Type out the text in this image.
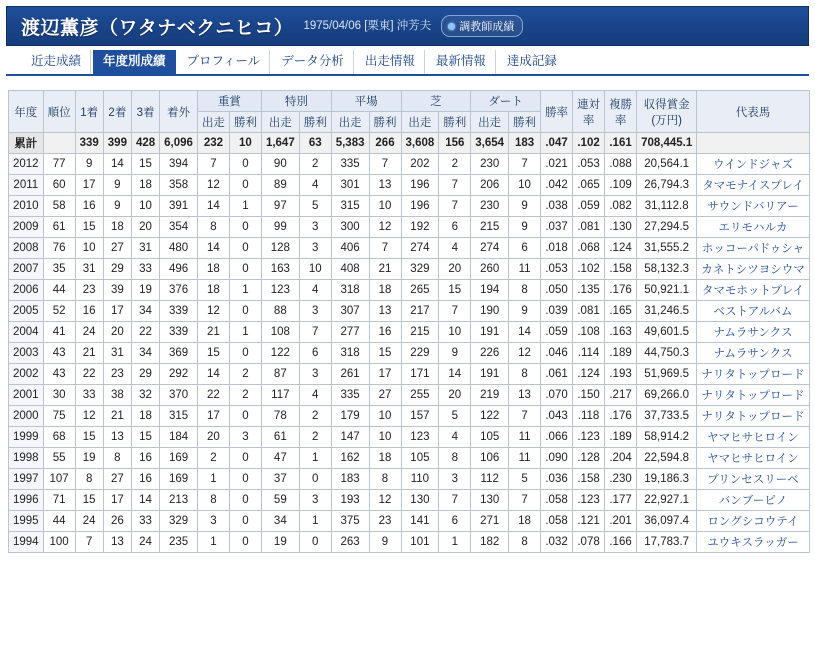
渡辺薫彦（ワタナベクニヒコ） 1975/04/06 [栗東] 沖芳夫	調教師成績
近走成績	年度別成績	プロフィール	データ分析	出走情報	最新情報	達成記録
年度	順位	1着	2着	3着	着外	重賞		特別		平場		芝		ダート		勝率	連対
率	複勝
率	収得賞金
(万円)	代表馬
						出走	勝利	出走	勝利	出走	勝利	出走	勝利	出走	勝利					
累計		339	399	428	6,096	232	10	1,647	63	5,383	266	3,608	156	3,654	183	.047	.102	.161	708,445.1	
2012	77	9	14	15	394	7	0	90	2	335	7	202	2	230	7	.021	.053	.088	20,564.1	ウインドジャズ
2011	60	17	9	18	358	12	0	89	4	301	13	196	7	206	10	.042	.065	.109	26,794.3	タマモナイスプレイ
2010	58	16	9	10	391	14	1	97	5	315	10	196	7	230	9	.038	.059	.082	31,112.8	サウンドバリアー
2009	61	15	18	20	354	8	0	99	3	300	12	192	6	215	9	.037	.081	.130	27,294.5	エリモハルカ
2008	76	10	27	31	480	14	0	128	3	406	7	274	4	274	6	.018	.068	.124	31,555.2	ホッコーパドゥシャ
2007	35	31	29	33	496	18	0	163	10	408	21	329	20	260	11	.053	.102	.158	58,132.3	カネトシツヨシウマ
2006	44	23	39	19	376	18	1	123	4	318	18	265	15	194	8	.050	.135	.176	50,921.1	タマモホットプレイ
2005	52	16	17	34	339	12	0	88	3	307	13	217	7	190	9	.039	.081	.165	31,246.5	ベストアルバム
2004	41	24	20	22	339	21	1	108	7	277	16	215	10	191	14	.059	.108	.163	49,601.5	ナムラサンクス
2003	43	21	31	34	369	15	0	122	6	318	15	229	9	226	12	.046	.114	.189	44,750.3	ナムラサンクス
2002	43	22	23	29	292	14	2	87	3	261	17	171	14	191	8	.061	.124	.193	51,969.5	ナリタトップロード
2001	30	33	38	32	370	22	2	117	4	335	27	255	20	219	13	.070	.150	.217	69,266.0	ナリタトップロード
2000	75	12	21	18	315	17	0	78	2	179	10	157	5	122	7	.043	.118	.176	37,733.5	ナリタトップロード
1999	68	15	13	15	184	20	3	61	2	147	10	123	4	105	11	.066	.123	.189	58,914.2	ヤマヒサヒロイン
1998	55	19	8	16	169	2	0	47	1	162	18	105	8	106	11	.090	.128	.204	22,594.8	ヤマヒサヒロイン
1997	107	8	27	16	169	1	0	37	0	183	8	110	3	112	5	.036	.158	.230	19,186.3	プリンセスリーベ
1996	71	15	17	14	213	8	0	59	3	193	12	130	7	130	7	.058	.123	.177	22,927.1	バンブーピノ
1995	44	24	26	33	329	3	0	34	1	375	23	141	6	271	18	.058	.121	.201	36,097.4	ロングシコウテイ
1994	100	7	13	24	235	1	0	19	0	263	9	101	1	182	8	.032	.078	.166	17,783.7	ユウキスラッガー
